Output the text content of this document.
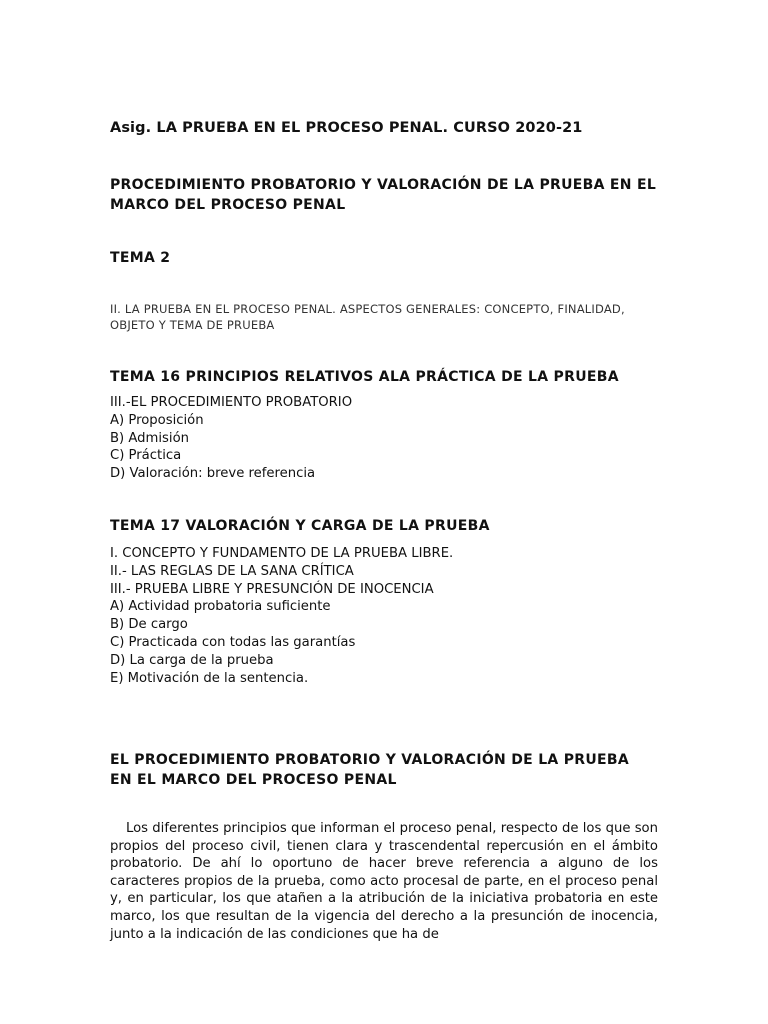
Asig. LA PRUEBA EN EL PROCESO PENAL. CURSO 2020-21

PROCEDIMIENTO PROBATORIO Y VALORACIÓN DE LA PRUEBA EN EL MARCO DEL PROCESO PENAL

TEMA 2

II. LA PRUEBA EN EL PROCESO PENAL. ASPECTOS GENERALES: CONCEPTO, FINALIDAD, OBJETO Y TEMA DE PRUEBA

TEMA 16 PRINCIPIOS RELATIVOS ALA PRÁCTICA DE LA PRUEBA

III.-EL PROCEDIMIENTO PROBATORIO
A) Proposición
B) Admisión
C) Práctica
D) Valoración: breve referencia

TEMA 17 VALORACIÓN Y CARGA DE LA PRUEBA

I. CONCEPTO Y FUNDAMENTO DE LA PRUEBA LIBRE.
II.- LAS REGLAS DE LA SANA CRÍTICA
III.- PRUEBA LIBRE Y PRESUNCIÓN DE INOCENCIA
A) Actividad probatoria suficiente
B) De cargo
C) Practicada con todas las garantías
D) La carga de la prueba
E) Motivación de la sentencia.

EL PROCEDIMIENTO PROBATORIO Y VALORACIÓN DE LA PRUEBA EN EL MARCO DEL PROCESO PENAL

Los diferentes principios que informan el proceso penal, respecto de los que son propios del proceso civil, tienen clara y trascendental repercusión en el ámbito probatorio. De ahí lo oportuno de hacer breve referencia a alguno de los caracteres propios de la prueba, como acto procesal de parte, en el proceso penal y, en particular, los que atañen a la atribución de la iniciativa probatoria en este marco, los que resultan de la vigencia del derecho a la presunción de inocencia, junto a la indicación de las condiciones que ha de
